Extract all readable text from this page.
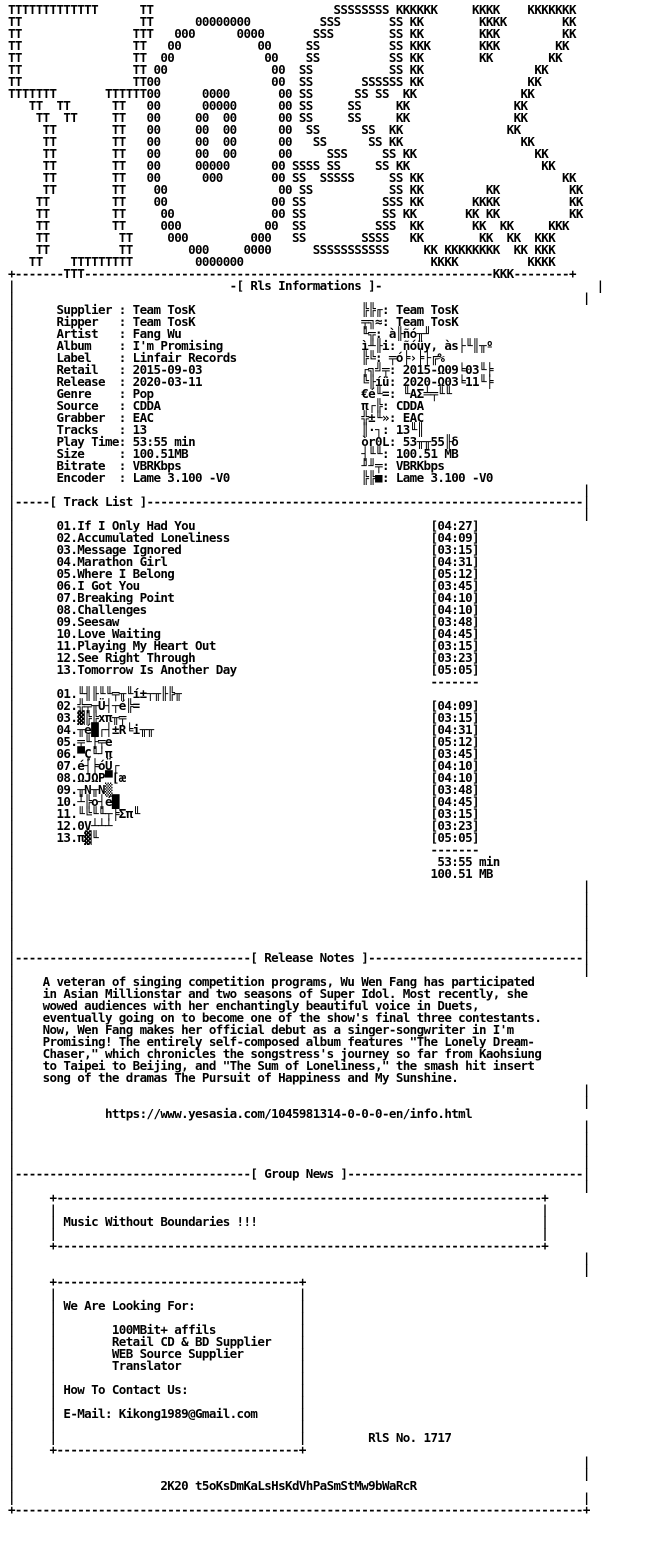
TTTTTTTTTTTTT      TT                          SSSSSSSS KKKKKK     KKKK    KKKKKKK
TT                 TT      00000000          SSS       SS KK        KKKK        KK
TT                TTT   000      0000       SSS        SS KK        KKK         KK
TT                TT   00           00     SS          SS KKK       KKK        KK
TT                TT  00             00    SS          SS KK        KK        KK
TT                TT 00               00  SS           SS KK                KK
TT                TT00                00  SS       SSSSSS KK               KK
TTTTTTT       TTTTTT00      0000       00 SS      SS SS  KK               KK
TT  TT      TT   00      00000      00 SS     SS     KK               KK
TT  TT     TT   00     00  00      00 SS     SS     KK               KK
TT        TT   00     00  00      00  SS      SS  KK               KK
TT        TT   00     00  00      00   SS      SS KK                 KK
TT        TT   00     00  00      00     SSS     SS KK                 KK
TT        TT   00     00000      00 SSSS SS     SS KK                   KK
TT        TT   00      000       00 SS  SSSSS     SS KK                    KK
TT        TT    00                00 SS           SS KK         KK          KK
TT         TT    00               00 SS           SSS KK       KKKK          KK
TT         TT     00              00 SS           SS KK       KK KK          KK
TT         TT     000            00  SS          SSS  KK       KK  KK     KKK
TT          TT     000         000   SS        SSSS   KK        KK  KK  KKK
TT          TT        000     0000      SSSSSSSSSSS     KK KKKKKKKK  KK KKK
TT    TTTTTTTTT         0000000                           KKKK          KKKK
+-------TTT-----------------------------------------------------------KKK--------+
|                               -[ Rls Informations ]-                               |
|                                                                                  |
|      Supplier : Team TosK                        ╠╠╓: Team TosK
|      Ripper   : Team TosK                        ╤╗≈: Team TosK
|      Artist   : Fang Wu                          ╙╦: à╟ñó╥╜
|      Album    : I'm Promising                    ì╨╟i: ñóüy, às├╙║╥º
|      Label    : Linfair Records                  ╠╚: ╤ó╞›╞├╔%
|      Retail   : 2015-09-03                       ┌╗╝╤: 2015-Ω09╘03╙╞
|      Release  : 2020-03-11                       ╚╟íü: 2020-Ω03╘11╙╞
|      Genre    : Pop                              €é╙=: ╙AΣ╧╤╙╙
|      Source   : CDDA                             π┌╠: CDDA
|      Grabber  : EAC                              ╬±╙»: EAC
|      Tracks   : 13                               ║·┐: 13╙║
|      Play Time: 53:55 min                        òr0L: 53╥╥55╟δ
|      Size     : 100.51MB                         ┤╙╙: 100.51 MB
|      Bitrate  : VBRKbps                          ╜╜╤: VBRKbps
|      Encoder  : Lame 3.100 -V0                   ╠╠■: Lame 3.100 -V0
|                                                                                  |
|-----[ Track List ]---------------------------------------------------------------|
|                                                                                  |
|      01.If I Only Had You                                  [04:27]
|      02.Accumulated Loneliness                             [04:09]
|      03.Message Ignored                                    [03:15]
|      04.Marathon Girl                                      [04:31]
|      05.Where I Belong                                     [05:12]
|      06.I Got You                                          [03:45]
|      07.Breaking Point                                     [04:10]
|      08.Challenges                                         [04:10]
|      09.Seesaw                                             [03:48]
|      10.Love Waiting                                       [04:45]
|      11.Playing My Heart Out                               [03:15]
|      12.See Right Through                                  [03:23]
|      13.Tomorrow Is Another Day                            [05:05]
|                                                            -------
|      01.╙╢╟╙╙╤╥╙í±┬╥╟╠╥
|      02.╬╤╥Ü┤┬é╠=                                          [04:09]
|      03.▓╠╠xπ╥╤                                            [03:15]
|      04.╥é█┌┤±R╘i╥╥                                        [04:31]
|      05.╤╙├╤e                                              [05:12]
|      06.▀Ç╙┘π                                              [03:45]
|      07.é┤╞óÜ┌                                             [04:10]
|      08.ΩJΩP▀[æ                                            [04:10]
|      09.╥N╥N▒                                              [03:48]
|      10.┴╠o┤é█                                             [04:45]
|      11.╙╚╙╙┬╞Σπ╙                                          [03:15]
|      12.0V┴┴┴                                              [03:23]
|      13.π▓╙                                                [05:05]
|                                                            -------
|                                                             53:55 min
|                                                            100.51 MB
|                                                                                  |
|                                                                                  |
|                                                                                  |
|                                                                                  |
|                                                                                  |
|                                                                                  |
|----------------------------------[ Release Notes ]-------------------------------|
|                                                                                  |
|    A veteran of singing competition programs, Wu Wen Fang has participated
|    in Asian Millionstar and two seasons of Super Idol. Most recently, she
|    wowed audiences with her enchantingly beautiful voice in Duets,
|    eventually going on to become one of the show's final three contestants.
|    Now, Wen Fang makes her official debut as a singer-songwriter in I'm
|    Promising! The entirely self-composed album features "The Lonely Dream-
|    Chaser," which chronicles the songstress's journey so far from Kaohsiung
|    to Taipei to Beijing, and "The Sum of Loneliness," the smash hit insert
|    song of the dramas The Pursuit of Happiness and My Sunshine.
|                                                                                  |
|                                                                                  |
|             https://www.yesasia.com/1045981314-0-0-0-en/info.html
|                                                                                  |
|                                                                                  |
|                                                                                  |
|                                                                                  |
|----------------------------------[ Group News ]----------------------------------|
|                                                                                  |
|     +----------------------------------------------------------------------+
|     |                                                                      |
|     | Music Without Boundaries !!!                                         |
|     |                                                                      |
|     +----------------------------------------------------------------------+
|                                                                                  |
|                                                                                  |
|     +-----------------------------------+
|     |                                   |
|     | We Are Looking For:               |
|     |                                   |
|     |        100MBit+ affils            |
|     |        Retail CD & BD Supplier    |
|     |        WEB Source Supplier        |
|     |        Translator                 |
|     |                                   |
|     | How To Contact Us:                |
|     |                                   |
|     | E-Mail: Kikong1989@Gmail.com      |
|     |                                   |
|     |                                   |         RlS No. 1717
|     +-----------------------------------+
|                                                                                  |
|                                                                                  |
|                     2K20 t5oKsDmKaLsHsKdVhPaSmStMw9bWaRcR
|                                                                                  |
+----------------------------------------------------------------------------------+
